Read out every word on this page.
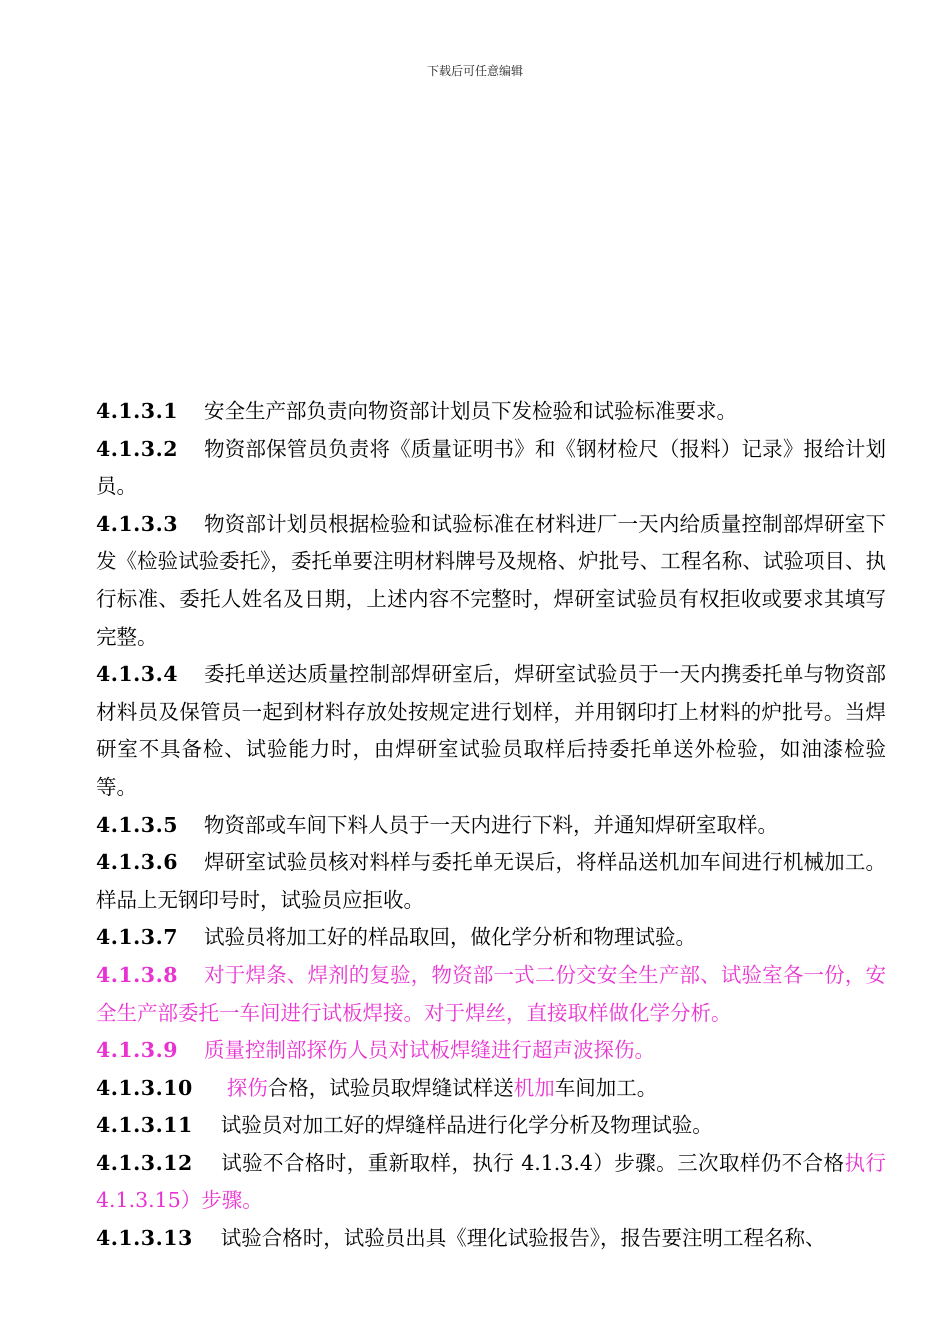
下载后可任意编辑

4.1.3.1 安全生产部负责向物资部计划员下发检验和试验标准要求。

4.1.3.2 物资部保管员负责将《质量证明书》和《钢材检尺（报料）记录》报给计划员。

4.1.3.3 物资部计划员根据检验和试验标准在材料进厂一天内给质量控制部焊研室下发《检验试验委托》，委托单要注明材料牌号及规格、炉批号、工程名称、试验项目、执行标准、委托人姓名及日期，上述内容不完整时，焊研室试验员有权拒收或要求其填写完整。

4.1.3.4 委托单送达质量控制部焊研室后，焊研室试验员于一天内携委托单与物资部材料员及保管员一起到材料存放处按规定进行划样，并用钢印打上材料的炉批号。当焊研室不具备检、试验能力时，由焊研室试验员取样后持委托单送外检验，如油漆检验等。

4.1.3.5 物资部或车间下料人员于一天内进行下料，并通知焊研室取样。

4.1.3.6 焊研室试验员核对料样与委托单无误后，将样品送机加车间进行机械加工。样品上无钢印号时，试验员应拒收。

4.1.3.7 试验员将加工好的样品取回，做化学分析和物理试验。

4.1.3.8 对于焊条、焊剂的复验，物资部一式二份交安全生产部、试验室各一份，安全生产部委托一车间进行试板焊接。对于焊丝，直接取样做化学分析。

4.1.3.9 质量控制部探伤人员对试板焊缝进行超声波探伤。

4.1.3.10 探伤合格，试验员取焊缝试样送机加车间加工。

4.1.3.11 试验员对加工好的焊缝样品进行化学分析及物理试验。

4.1.3.12 试验不合格时，重新取样，执行 4.1.3.4）步骤。三次取样仍不合格执行 4.1.3.15）步骤。

4.1.3.13 试验合格时，试验员出具《理化试验报告》，报告要注明工程名称、
